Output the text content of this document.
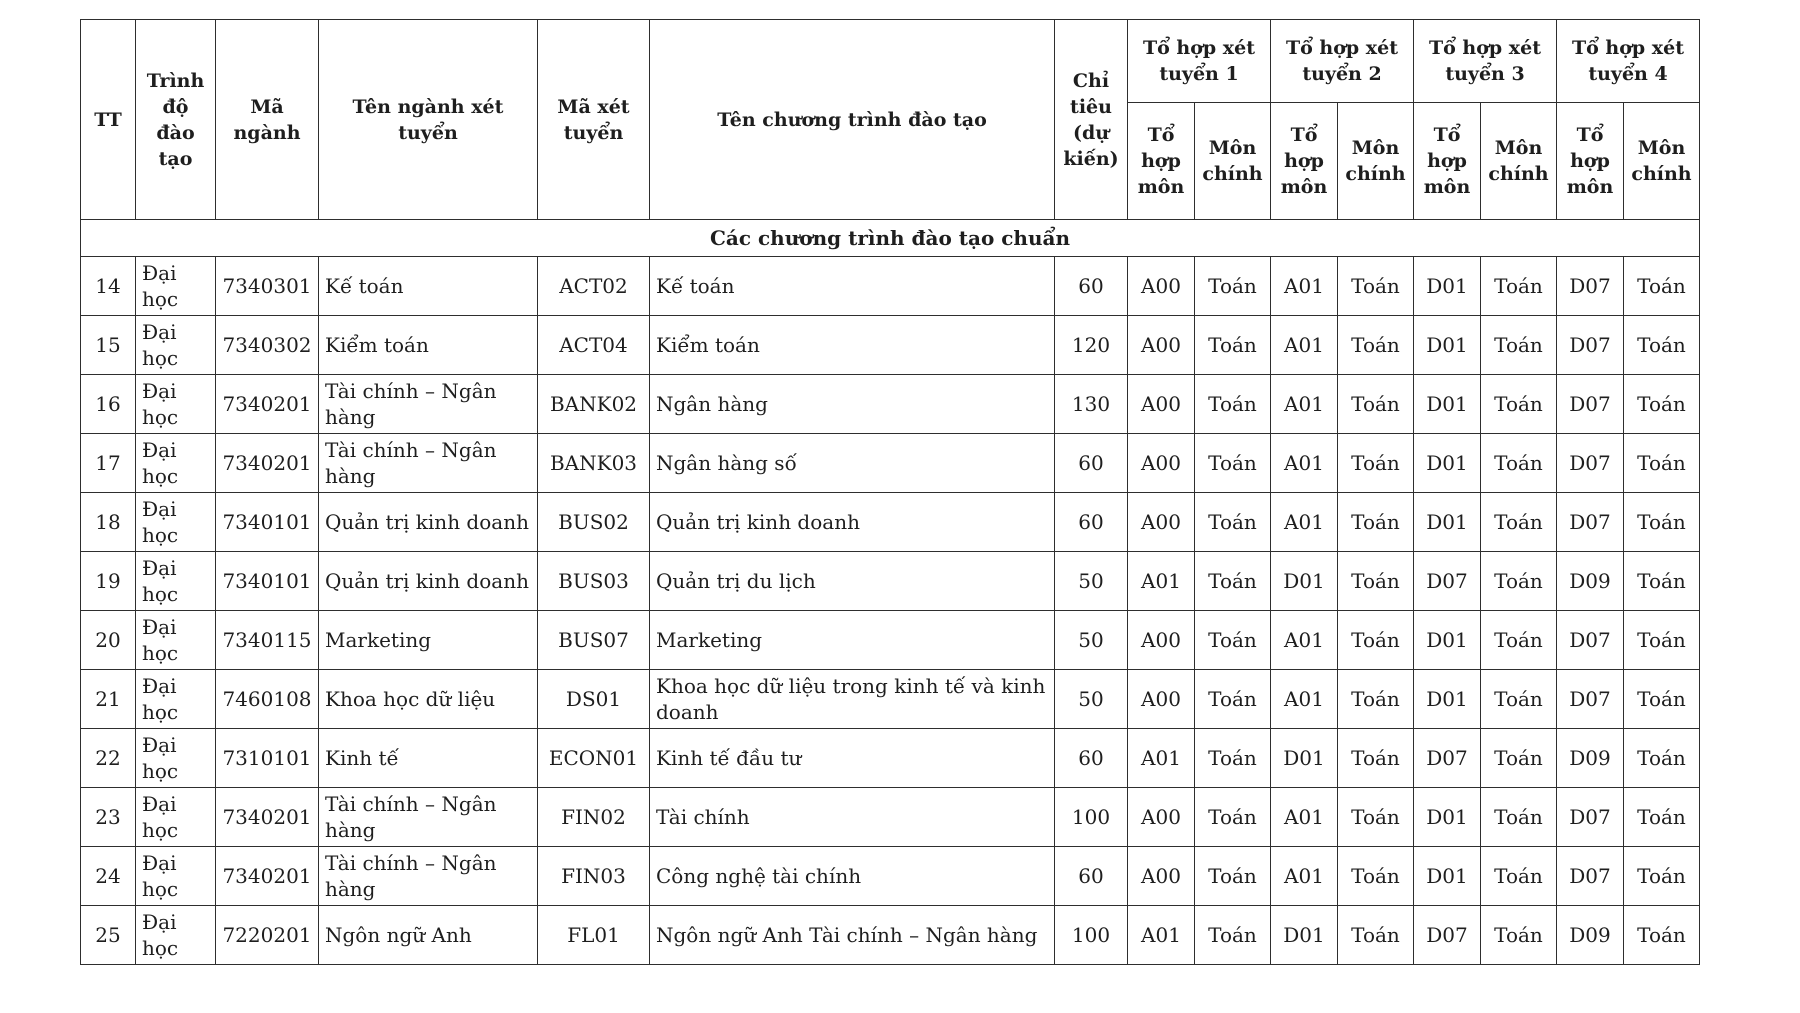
TT	Trình độ đào tạo	Mã ngành	Tên ngành xét tuyển	Mã xét tuyển	Tên chương trình đào tạo	Chỉ tiêu (dự kiến)	Tổ hợp xét tuyển 1		Tổ hợp xét tuyển 2		Tổ hợp xét tuyển 3		Tổ hợp xét tuyển 4	
							Tổ hợp môn	Môn chính	Tổ hợp môn	Môn chính	Tổ hợp môn	Môn chính	Tổ hợp môn	Môn chính
Các chương trình đào tạo chuẩn														
14	Đại học	7340301	Kế toán	ACT02	Kế toán	60	A00	Toán	A01	Toán	D01	Toán	D07	Toán
15	Đại học	7340302	Kiểm toán	ACT04	Kiểm toán	120	A00	Toán	A01	Toán	D01	Toán	D07	Toán
16	Đại học	7340201	Tài chính – Ngân hàng	BANK02	Ngân hàng	130	A00	Toán	A01	Toán	D01	Toán	D07	Toán
17	Đại học	7340201	Tài chính – Ngân hàng	BANK03	Ngân hàng số	60	A00	Toán	A01	Toán	D01	Toán	D07	Toán
18	Đại học	7340101	Quản trị kinh doanh	BUS02	Quản trị kinh doanh	60	A00	Toán	A01	Toán	D01	Toán	D07	Toán
19	Đại học	7340101	Quản trị kinh doanh	BUS03	Quản trị du lịch	50	A01	Toán	D01	Toán	D07	Toán	D09	Toán
20	Đại học	7340115	Marketing	BUS07	Marketing	50	A00	Toán	A01	Toán	D01	Toán	D07	Toán
21	Đại học	7460108	Khoa học dữ liệu	DS01	Khoa học dữ liệu trong kinh tế và kinh doanh	50	A00	Toán	A01	Toán	D01	Toán	D07	Toán
22	Đại học	7310101	Kinh tế	ECON01	Kinh tế đầu tư	60	A01	Toán	D01	Toán	D07	Toán	D09	Toán
23	Đại học	7340201	Tài chính – Ngân hàng	FIN02	Tài chính	100	A00	Toán	A01	Toán	D01	Toán	D07	Toán
24	Đại học	7340201	Tài chính – Ngân hàng	FIN03	Công nghệ tài chính	60	A00	Toán	A01	Toán	D01	Toán	D07	Toán
25	Đại học	7220201	Ngôn ngữ Anh	FL01	Ngôn ngữ Anh Tài chính – Ngân hàng	100	A01	Toán	D01	Toán	D07	Toán	D09	Toán
